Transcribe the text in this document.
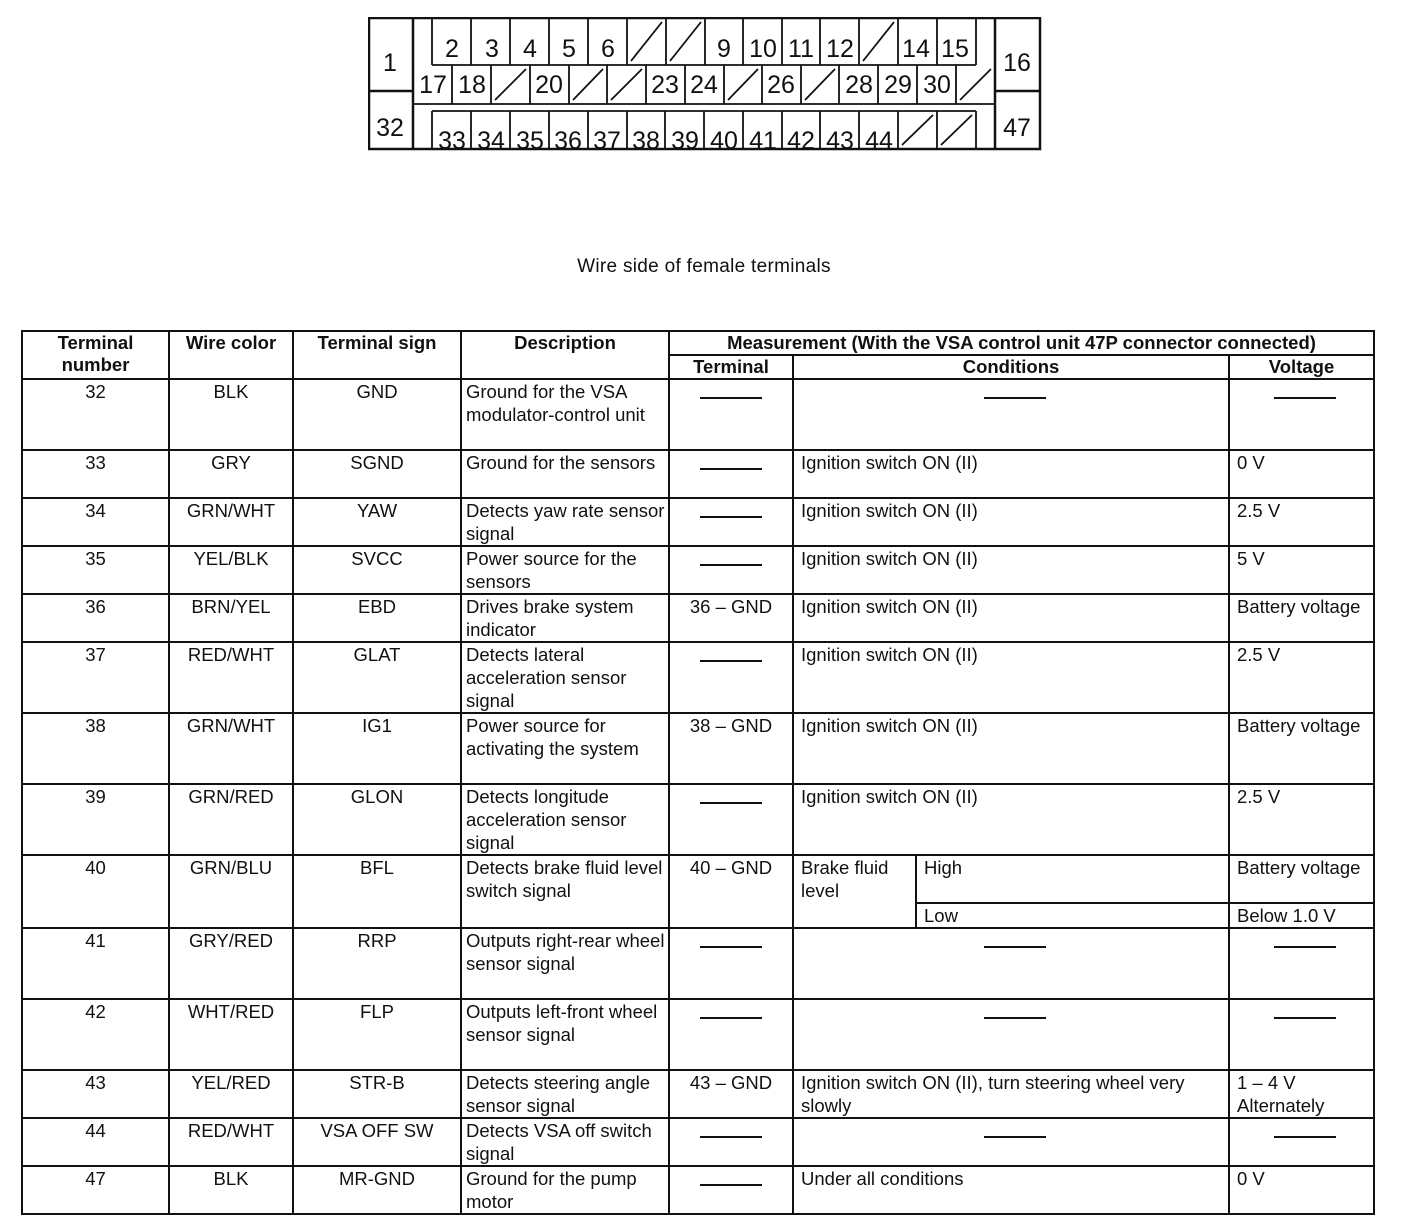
1 2 3 4 5 6	9 10 11 12 14 15 16
17 18 20	23 24 26 28 29 30
32 33 34 35 36 37 38 39 40 41 42 43 44	47
Wire side of female terminals
Terminal number	Wire color	Terminal sign	Description	Measurement (With the VSA control unit 47P connector connected)			
				Terminal	Conditions		Voltage
32	BLK	GND	Ground for the VSA modulator-control unit				
33	GRY	SGND	Ground for the sensors		Ignition switch ON (II)		0 V
34	GRN/WHT	YAW	Detects yaw rate sensor signal		Ignition switch ON (II)		2.5 V
35	YEL/BLK	SVCC	Power source for the sensors		Ignition switch ON (II)		5 V
36	BRN/YEL	EBD	Drives brake system indicator	36 – GND	Ignition switch ON (II)		Battery voltage
37	RED/WHT	GLAT	Detects lateral acceleration sensor signal		Ignition switch ON (II)		2.5 V
38	GRN/WHT	IG1	Power source for activating the system	38 – GND	Ignition switch ON (II)		Battery voltage
39	GRN/RED	GLON	Detects longitude acceleration sensor signal		Ignition switch ON (II)		2.5 V
40	GRN/BLU	BFL	Detects brake fluid level switch signal	40 – GND	Brake fluid level	High	Battery voltage
						Low	Below 1.0 V
41	GRY/RED	RRP	Outputs right-rear wheel sensor signal				
42	WHT/RED	FLP	Outputs left-front wheel sensor signal				
43	YEL/RED	STR-B	Detects steering angle sensor signal	43 – GND	Ignition switch ON (II), turn steering wheel very slowly		1 – 4 V Alternately
44	RED/WHT	VSA OFF SW	Detects VSA off switch signal				
47	BLK	MR-GND	Ground for the pump motor		Under all conditions		0 V
